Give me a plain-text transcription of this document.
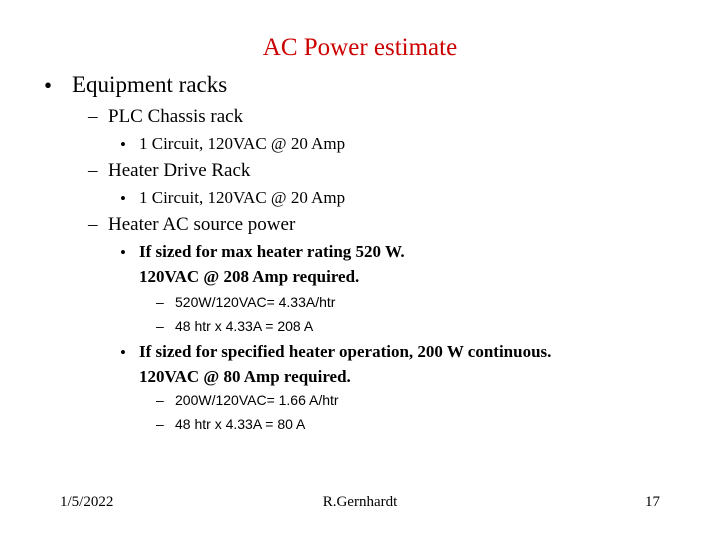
AC Power estimate
• Equipment racks
– PLC Chassis rack
• 1 Circuit, 120VAC @ 20 Amp
– Heater Drive Rack
• 1 Circuit, 120VAC @ 20 Amp
– Heater AC source power
• If sized for max heater rating 520 W.
120VAC @ 208 Amp required.
– 520W/120VAC= 4.33A/htr
– 48 htr x 4.33A = 208 A
• If sized for specified heater operation, 200 W continuous.
120VAC @ 80 Amp required.
– 200W/120VAC= 1.66 A/htr
– 48 htr x 4.33A = 80 A
1/5/2022	R.Gernhardt	17
